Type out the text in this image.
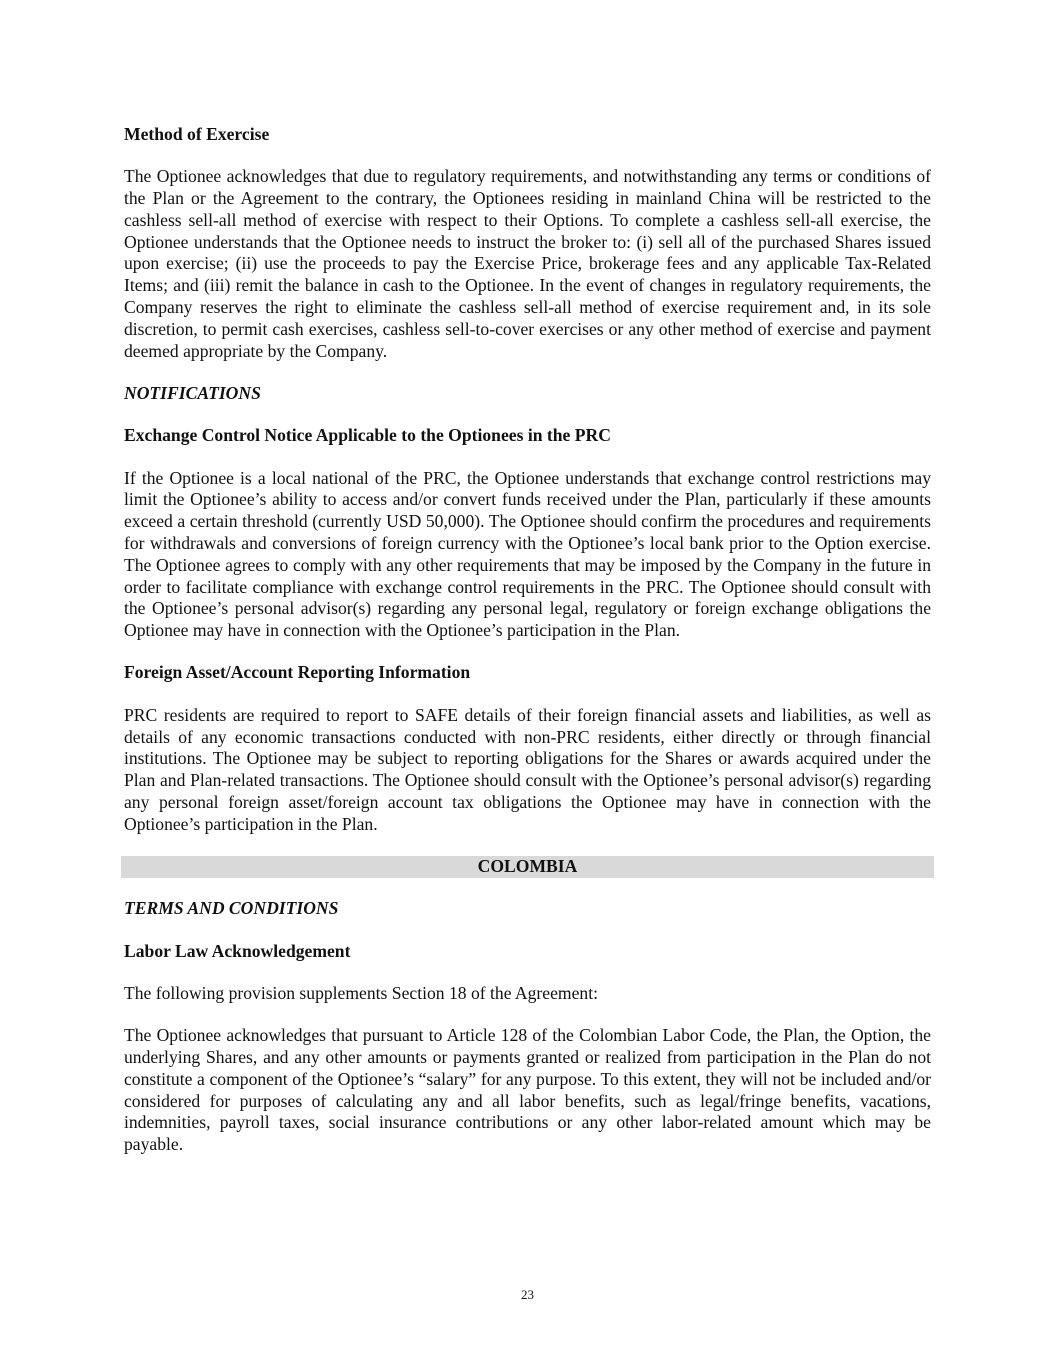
Method of Exercise
The Optionee acknowledges that due to regulatory requirements, and notwithstanding any terms or conditions of the Plan or the Agreement to the contrary, the Optionees residing in mainland China will be restricted to the cashless sell-all method of exercise with respect to their Options. To complete a cashless sell-all exercise, the Optionee understands that the Optionee needs to instruct the broker to: (i) sell all of the purchased Shares issued upon exercise; (ii) use the proceeds to pay the Exercise Price, brokerage fees and any applicable Tax-Related Items; and (iii) remit the balance in cash to the Optionee. In the event of changes in regulatory requirements, the Company reserves the right to eliminate the cashless sell-all method of exercise requirement and, in its sole discretion, to permit cash exercises, cashless sell-to-cover exercises or any other method of exercise and payment deemed appropriate by the Company.
NOTIFICATIONS
Exchange Control Notice Applicable to the Optionees in the PRC
If the Optionee is a local national of the PRC, the Optionee understands that exchange control restrictions may limit the Optionee’s ability to access and/or convert funds received under the Plan, particularly if these amounts exceed a certain threshold (currently USD 50,000). The Optionee should confirm the procedures and requirements for withdrawals and conversions of foreign currency with the Optionee’s local bank prior to the Option exercise. The Optionee agrees to comply with any other requirements that may be imposed by the Company in the future in order to facilitate compliance with exchange control requirements in the PRC. The Optionee should consult with the Optionee’s personal advisor(s) regarding any personal legal, regulatory or foreign exchange obligations the Optionee may have in connection with the Optionee’s participation in the Plan.
Foreign Asset/Account Reporting Information
PRC residents are required to report to SAFE details of their foreign financial assets and liabilities, as well as details of any economic transactions conducted with non-PRC residents, either directly or through financial institutions. The Optionee may be subject to reporting obligations for the Shares or awards acquired under the Plan and Plan-related transactions. The Optionee should consult with the Optionee’s personal advisor(s) regarding any personal foreign asset/foreign account tax obligations the Optionee may have in connection with the Optionee’s participation in the Plan.
COLOMBIA
TERMS AND CONDITIONS
Labor Law Acknowledgement
The following provision supplements Section 18 of the Agreement:
The Optionee acknowledges that pursuant to Article 128 of the Colombian Labor Code, the Plan, the Option, the underlying Shares, and any other amounts or payments granted or realized from participation in the Plan do not constitute a component of the Optionee’s “salary” for any purpose. To this extent, they will not be included and/or considered for purposes of calculating any and all labor benefits, such as legal/fringe benefits, vacations, indemnities, payroll taxes, social insurance contributions or any other labor-related amount which may be payable.
23
